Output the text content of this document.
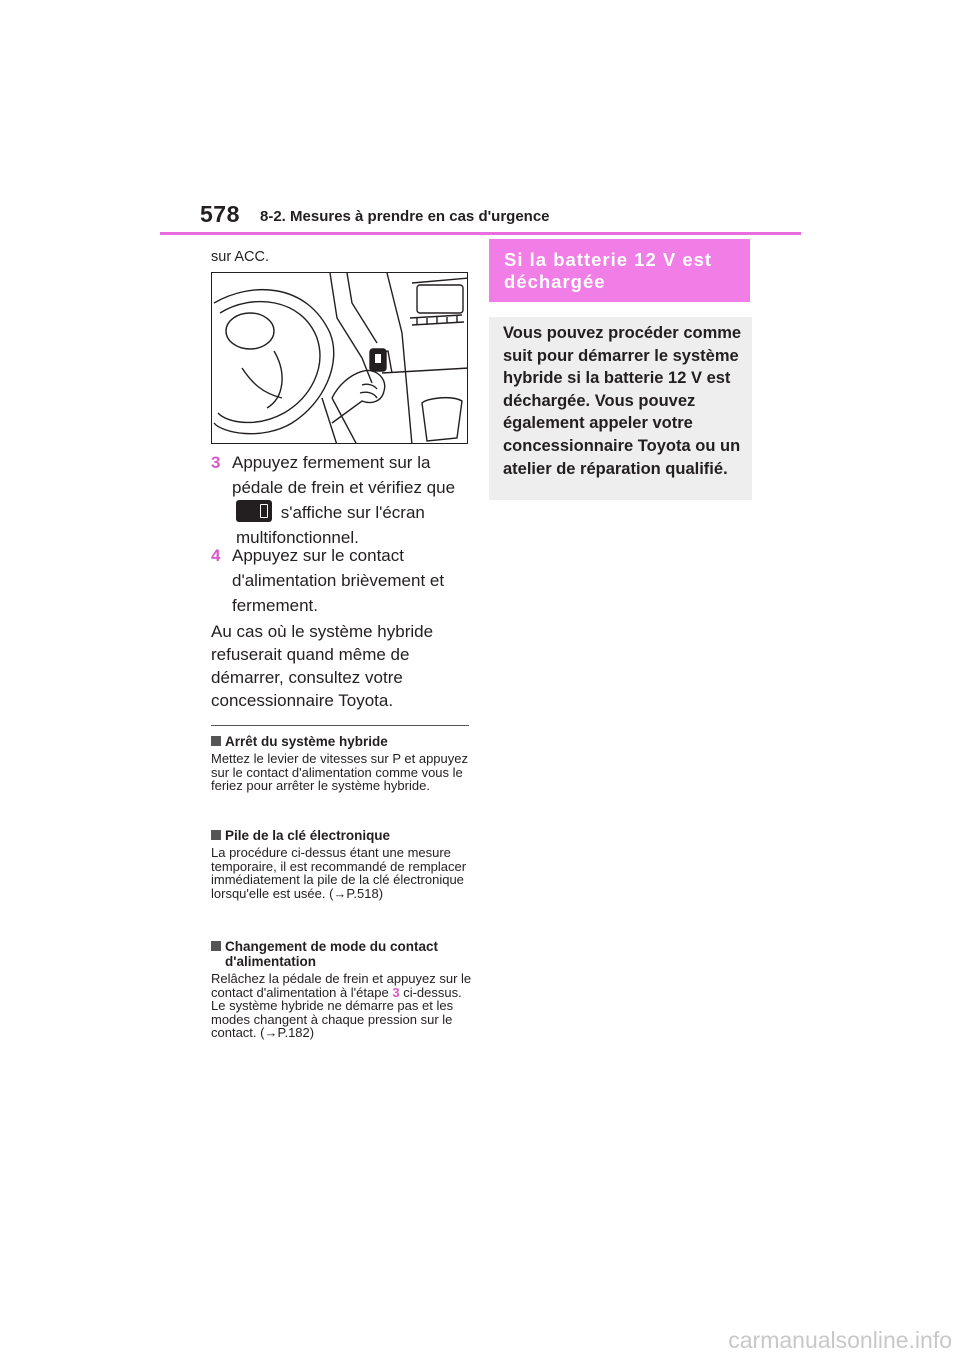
578 8-2. Mesures à prendre en cas d'urgence

sur ACC.

3 Appuyez fermement sur la pédale de frein et vérifiez que
s'affiche sur l'écran multifonctionnel.
4 Appuyez sur le contact d'alimentation brièvement et fermement.
Au cas où le système hybride refuserait quand même de démarrer, consultez votre concessionnaire Toyota.
Arrêt du système hybride
Mettez le levier de vitesses sur P et appuyez sur le contact d'alimentation comme vous le feriez pour arrêter le système hybride.
Pile de la clé électronique
La procédure ci-dessus étant une mesure temporaire, il est recommandé de remplacer immédiatement la pile de la clé électronique lorsqu'elle est usée. (→P.518)
Changement de mode du contact d'alimentation
Relâchez la pédale de frein et appuyez sur le contact d'alimentation à l'étape 3 ci-dessus.
Le système hybride ne démarre pas et les modes changent à chaque pression sur le contact. (→P.182)
Si la batterie 12 V est déchargée
Vous pouvez procéder comme suit pour démarrer le système hybride si la batterie 12 V est déchargée. Vous pouvez également appeler votre concessionnaire Toyota ou un atelier de réparation qualifié.
carmanualsonline.info
